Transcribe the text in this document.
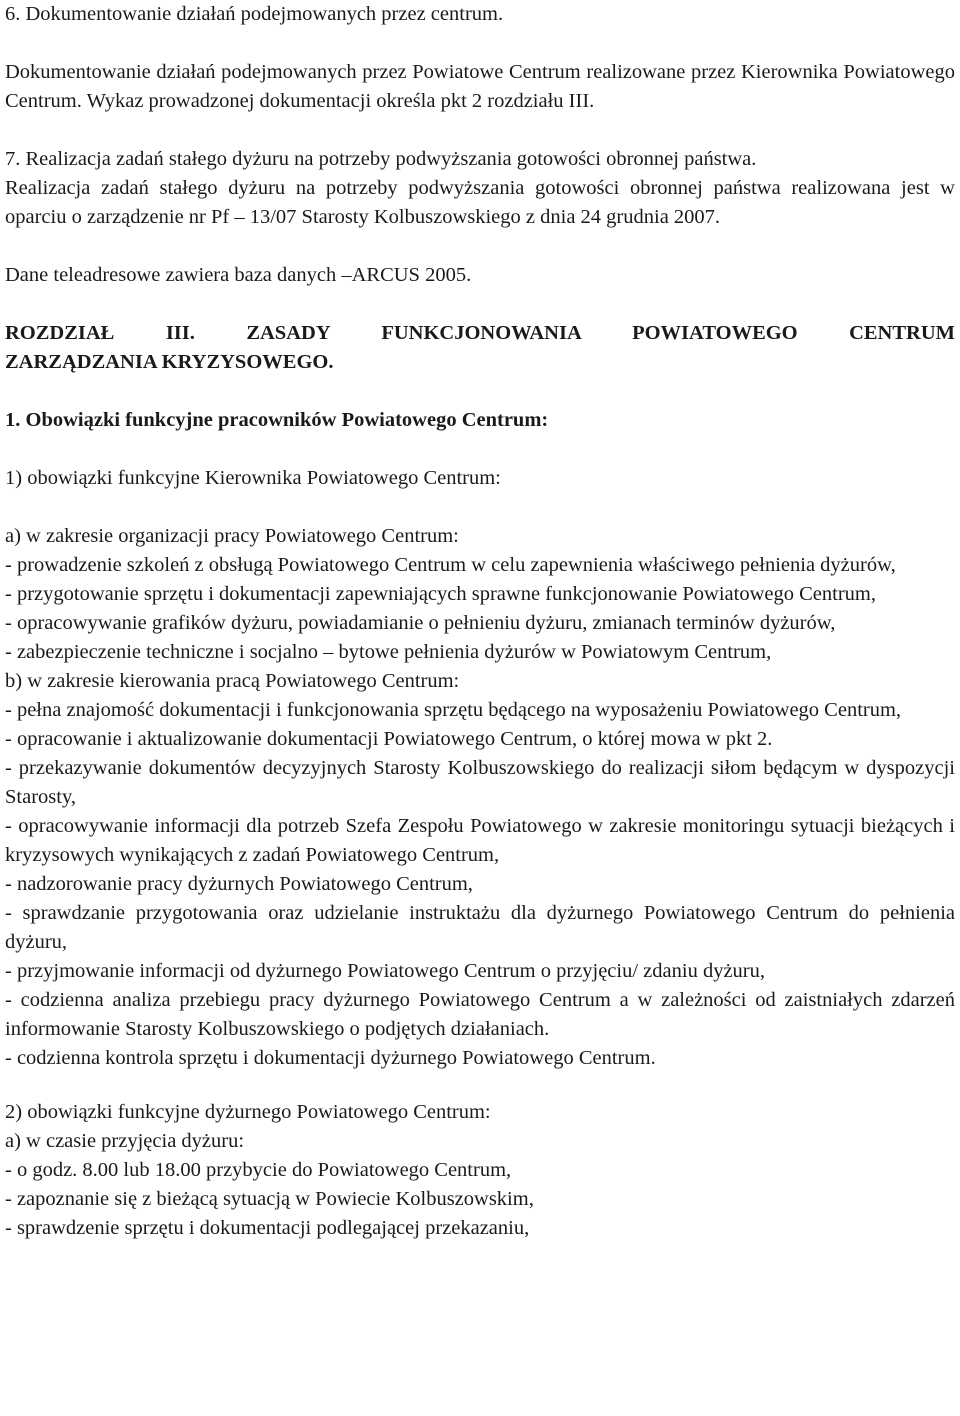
6. Dokumentowanie działań podejmowanych przez centrum.

Dokumentowanie działań podejmowanych przez Powiatowe Centrum realizowane przez Kierownika Powiatowego Centrum. Wykaz prowadzonej dokumentacji określa pkt 2 rozdziału III.

7. Realizacja zadań stałego dyżuru na potrzeby podwyższania gotowości obronnej państwa.

Realizacja zadań stałego dyżuru na potrzeby podwyższania gotowości obronnej państwa realizowana jest w oparciu o zarządzenie nr Pf – 13/07 Starosty Kolbuszowskiego z dnia 24 grudnia 2007.

Dane teleadresowe zawiera baza danych –ARCUS 2005.

ROZDZIAŁ III. ZASADY FUNKCJONOWANIA POWIATOWEGO CENTRUM

ZARZĄDZANIA KRYZYSOWEGO.

1. Obowiązki funkcyjne pracowników Powiatowego Centrum:

1) obowiązki funkcyjne Kierownika Powiatowego Centrum:

a) w zakresie organizacji pracy Powiatowego Centrum:

- prowadzenie szkoleń z obsługą Powiatowego Centrum w celu zapewnienia właściwego pełnienia dyżurów,

- przygotowanie sprzętu i dokumentacji zapewniających sprawne funkcjonowanie Powiatowego Centrum,

- opracowywanie grafików dyżuru, powiadamianie o pełnieniu dyżuru, zmianach terminów dyżurów,

- zabezpieczenie techniczne i socjalno – bytowe pełnienia dyżurów w Powiatowym Centrum,

b) w zakresie kierowania pracą Powiatowego Centrum:

- pełna znajomość dokumentacji i funkcjonowania sprzętu będącego na wyposażeniu Powiatowego Centrum,

- opracowanie i aktualizowanie dokumentacji Powiatowego Centrum, o której mowa w pkt 2.

- przekazywanie dokumentów decyzyjnych Starosty Kolbuszowskiego do realizacji siłom będącym w dyspozycji Starosty,

- opracowywanie informacji dla potrzeb Szefa Zespołu Powiatowego w zakresie monitoringu sytuacji bieżących i kryzysowych wynikających z zadań Powiatowego Centrum,

- nadzorowanie pracy dyżurnych Powiatowego Centrum,

- sprawdzanie przygotowania oraz udzielanie instruktażu dla dyżurnego Powiatowego Centrum do pełnienia dyżuru,

- przyjmowanie informacji od dyżurnego Powiatowego Centrum o przyjęciu/ zdaniu dyżuru,

- codzienna analiza przebiegu pracy dyżurnego Powiatowego Centrum a w zależności od zaistniałych zdarzeń informowanie Starosty Kolbuszowskiego o podjętych działaniach.

- codzienna kontrola sprzętu i dokumentacji dyżurnego Powiatowego Centrum.

2) obowiązki funkcyjne dyżurnego Powiatowego Centrum:

a) w czasie przyjęcia dyżuru:

- o godz. 8.00 lub 18.00 przybycie do Powiatowego Centrum,

- zapoznanie się z bieżącą sytuacją w Powiecie Kolbuszowskim,

- sprawdzenie sprzętu i dokumentacji podlegającej przekazaniu,
